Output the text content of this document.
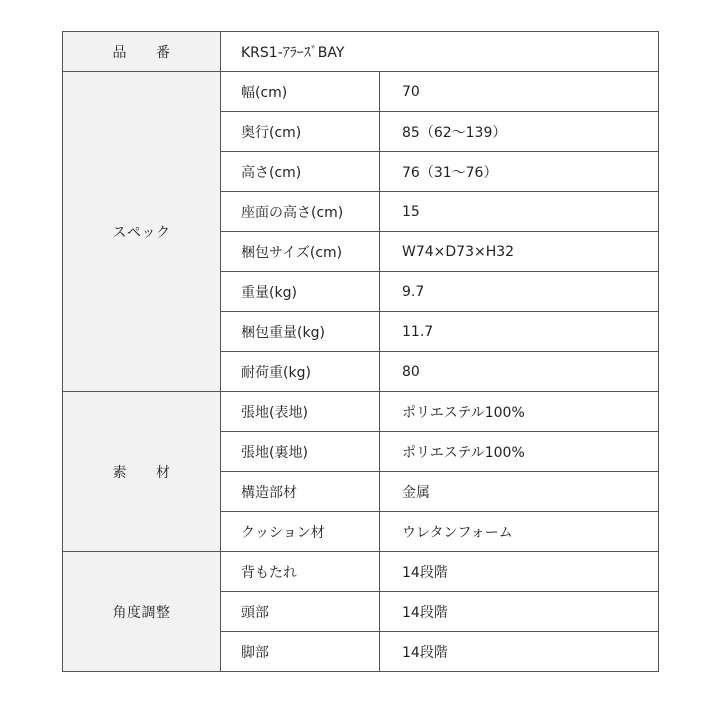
品　　番	KRS1-ｱﾗｰｽﾞBAY	
スペック	幅(cm)	70
	奥行(cm)	85（62〜139）
	高さ(cm)	76（31〜76）
	座面の高さ(cm)	15
	梱包サイズ(cm)	W74×D73×H32
	重量(kg)	9.7
	梱包重量(kg)	11.7
	耐荷重(kg)	80
素　　材	張地(表地)	ポリエステル100%
	張地(裏地)	ポリエステル100%
	構造部材	金属
	クッション材	ウレタンフォーム
角度調整	背もたれ	14段階
	頭部	14段階
	脚部	14段階
